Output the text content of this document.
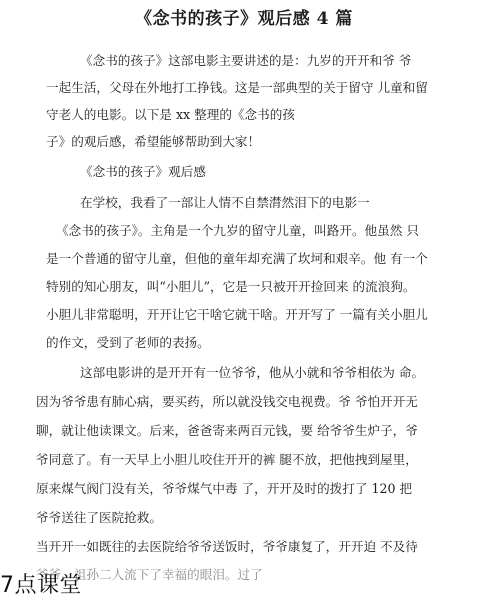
《念书的孩子》观后感 4 篇
《念书的孩子》这部电影主要讲述的是：九岁的开开和爷 爷
一起生活，父母在外地打工挣钱。这是一部典型的关于留守 儿童和留
守老人的电影。以下是 xx 整理的《念书的孩
子》的观后感，希望能够帮助到大家！
《念书的孩子》观后感
在学校，我看了一部让人情不自禁潸然泪下的电影一
《念书的孩子》。主角是一个九岁的留守儿童，叫路开。他虽然 只
是一个普通的留守儿童，但他的童年却充满了坎坷和艰辛。他 有一个
特别的知心朋友，叫“小胆儿”，它是一只被开开捡回来 的流浪狗。
小胆儿非常聪明，开开让它干啥它就干啥。开开写了 一篇有关小胆儿
的作文，受到了老师的表扬。
这部电影讲的是开开有一位爷爷，他从小就和爷爷相依为 命。
因为爷爷患有肺心病，要买药，所以就没钱交电视费。爷 爷怕开开无
聊，就让他读课文。后来，爸爸寄来两百元钱，要 给爷爷生炉子，爷
爷同意了。有一天早上小胆儿咬住开开的裤 腿不放，把他拽到屋里，
原来煤气阀门没有关，爷爷煤气中毒 了，开开及时的拨打了 120 把
爷爷送往了医院抢救。
当开开一如既往的去医院给爷爷送饭时，爷爷康复了，开开迫 不及待
爷爷，祖孙二人流下了幸福的眼泪。过了
7点课堂
